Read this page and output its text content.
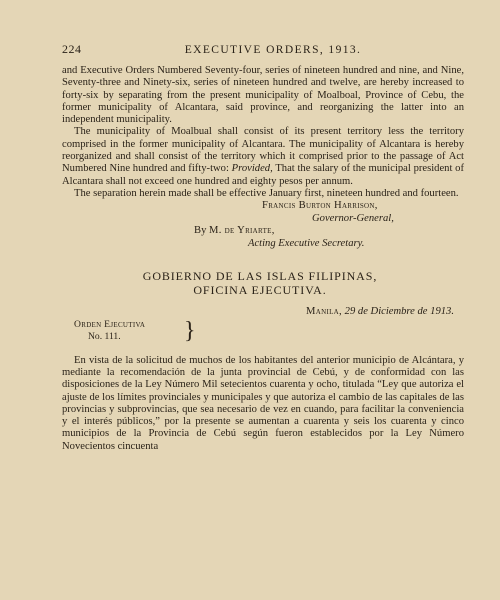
224	EXECUTIVE ORDERS, 1913.

and Executive Orders Numbered Seventy-four, series of nineteen hundred and nine, and Nine, Seventy-three and Ninety-six, series of nineteen hundred and twelve, are hereby increased to forty-six by separating from the present municipality of Moalboal, Province of Cebu, the former municipality of Alcantara, said province, and reorganizing the latter into an independent municipality.

The municipality of Moalbual shall consist of its present territory less the territory comprised in the former municipality of Alcantara. The municipality of Alcantara is hereby reorganized and shall consist of the territory which it comprised prior to the passage of Act Numbered Nine hundred and fifty-two: Provided, That the salary of the municipal president of Alcantara shall not exceed one hundred and eighty pesos per annum.

The separation herein made shall be effective January first, nineteen hundred and fourteen.

Francis Burton Harrison,
Governor-General,
By M. de Yriarte,
Acting Executive Secretary.
GOBIERNO DE LAS ISLAS FILIPINAS,
OFICINA EJECUTIVA.
Manila, 29 de Diciembre de 1913.
Orden Ejecutiva
No. 111.	}

En vista de la solicitud de muchos de los habitantes del anterior municipio de Alcántara, y mediante la recomendación de la junta provincial de Cebú, y de conformidad con las disposiciones de la Ley Número Mil setecientos cuarenta y ocho, titulada “Ley que autoriza el ajuste de los límites provinciales y municipales y que autoriza el cambio de las capitales de las provincias y subprovincias, que sea necesario de vez en cuando, para facilitar la conveniencia y el interés públicos,” por la presente se aumentan a cuarenta y seis los cuarenta y cinco municipios de la Provincia de Cebú según fueron establecidos por la Ley Número Novecientos cincuenta
